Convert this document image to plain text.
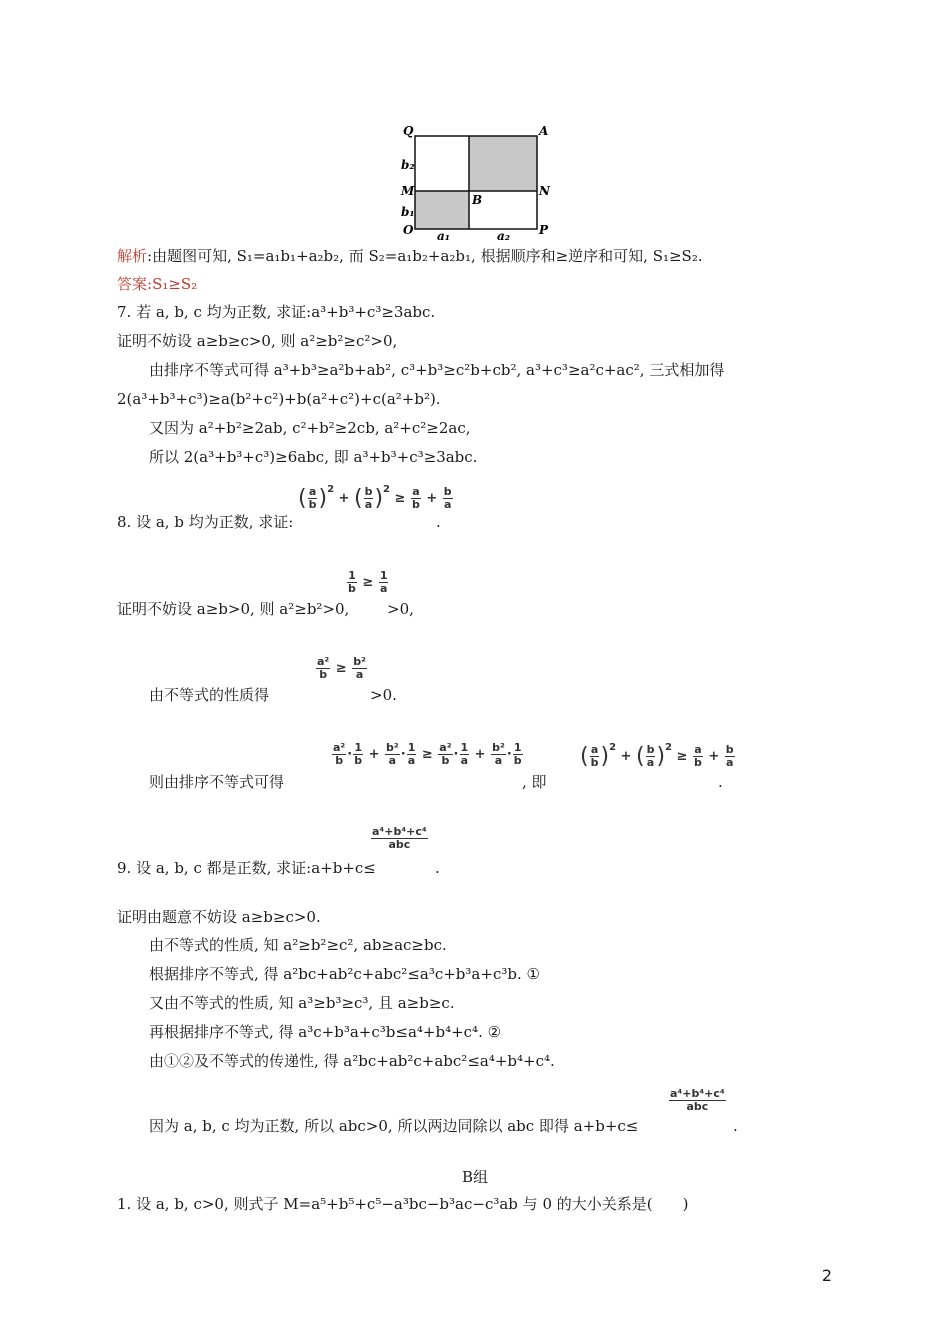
Q	A
b₂
M	N
b₁
B
O	P
a₁	a₂
解析:由题图可知, S₁=a₁b₁+a₂b₂, 而 S₂=a₁b₂+a₂b₁, 根据顺序和≥逆序和可知, S₁≥S₂.
答案:S₁≥S₂
7. 若 a, b, c 均为正数, 求证:a³+b³+c³≥3abc.
证明不妨设 a≥b≥c>0, 则 a²≥b²≥c²>0,
由排序不等式可得 a³+b³≥a²b+ab², c³+b³≥c²b+cb², a³+c³≥a²c+ac², 三式相加得
2(a³+b³+c³)≥a(b²+c²)+b(a²+c²)+c(a²+b²).
又因为 a²+b²≥2ab, c²+b²≥2cb, a²+c²≥2ac,
所以 2(a³+b³+c³)≥6abc, 即 a³+b³+c³≥3abc.
8. 设 a, b 均为正数, 求证:
( $\frac{a}{b} )^2$ + ( $\frac{b}{a} )^2 \ge \frac{a}{b} + \frac{b}{a}$
.
证明不妨设 a≥b>0, 则 a²≥b²>0,
$\frac{1}{b} \ge \frac{1}{a}$
>0,
由不等式的性质得
$\frac{\text{a²}}{b} \ge \frac{\text{b²}}{a}$
>0.
则由排序不等式可得
$\frac{\text{a²}}{b} \cdot \frac{1}{b} + \frac{\text{b²}}{a} \cdot \frac{1}{a} \ge \frac{\text{a²}}{b} \cdot \frac{1}{a} + \frac{\text{b²}}{a} \cdot \frac{1}{b}$
, 即
( $\frac{a}{b} )^2$ + ( $\frac{b}{a} )^2 \ge \frac{a}{b} + \frac{b}{a}$
.
9. 设 a, b, c 都是正数, 求证:a+b+c≤
$\frac{\text{a⁴+b⁴+c⁴}}{\text{abc}}$
.
证明由题意不妨设 a≥b≥c>0.
由不等式的性质, 知 a²≥b²≥c², ab≥ac≥bc.
根据排序不等式, 得 a²bc+ab²c+abc²≤a³c+b³a+c³b. ①
又由不等式的性质, 知 a³≥b³≥c³, 且 a≥b≥c.
再根据排序不等式, 得 a³c+b³a+c³b≤a⁴+b⁴+c⁴. ②
由①②及不等式的传递性, 得 a²bc+ab²c+abc²≤a⁴+b⁴+c⁴.
因为 a, b, c 均为正数, 所以 abc>0, 所以两边同除以 abc 即得 a+b+c≤
$\frac{\text{a⁴+b⁴+c⁴}}{\text{abc}}$
.
B组
1. 设 a, b, c>0, 则式子 M=a⁵+b⁵+c⁵−a³bc−b³ac−c³ab 与 0 的大小关系是(　　)
2
